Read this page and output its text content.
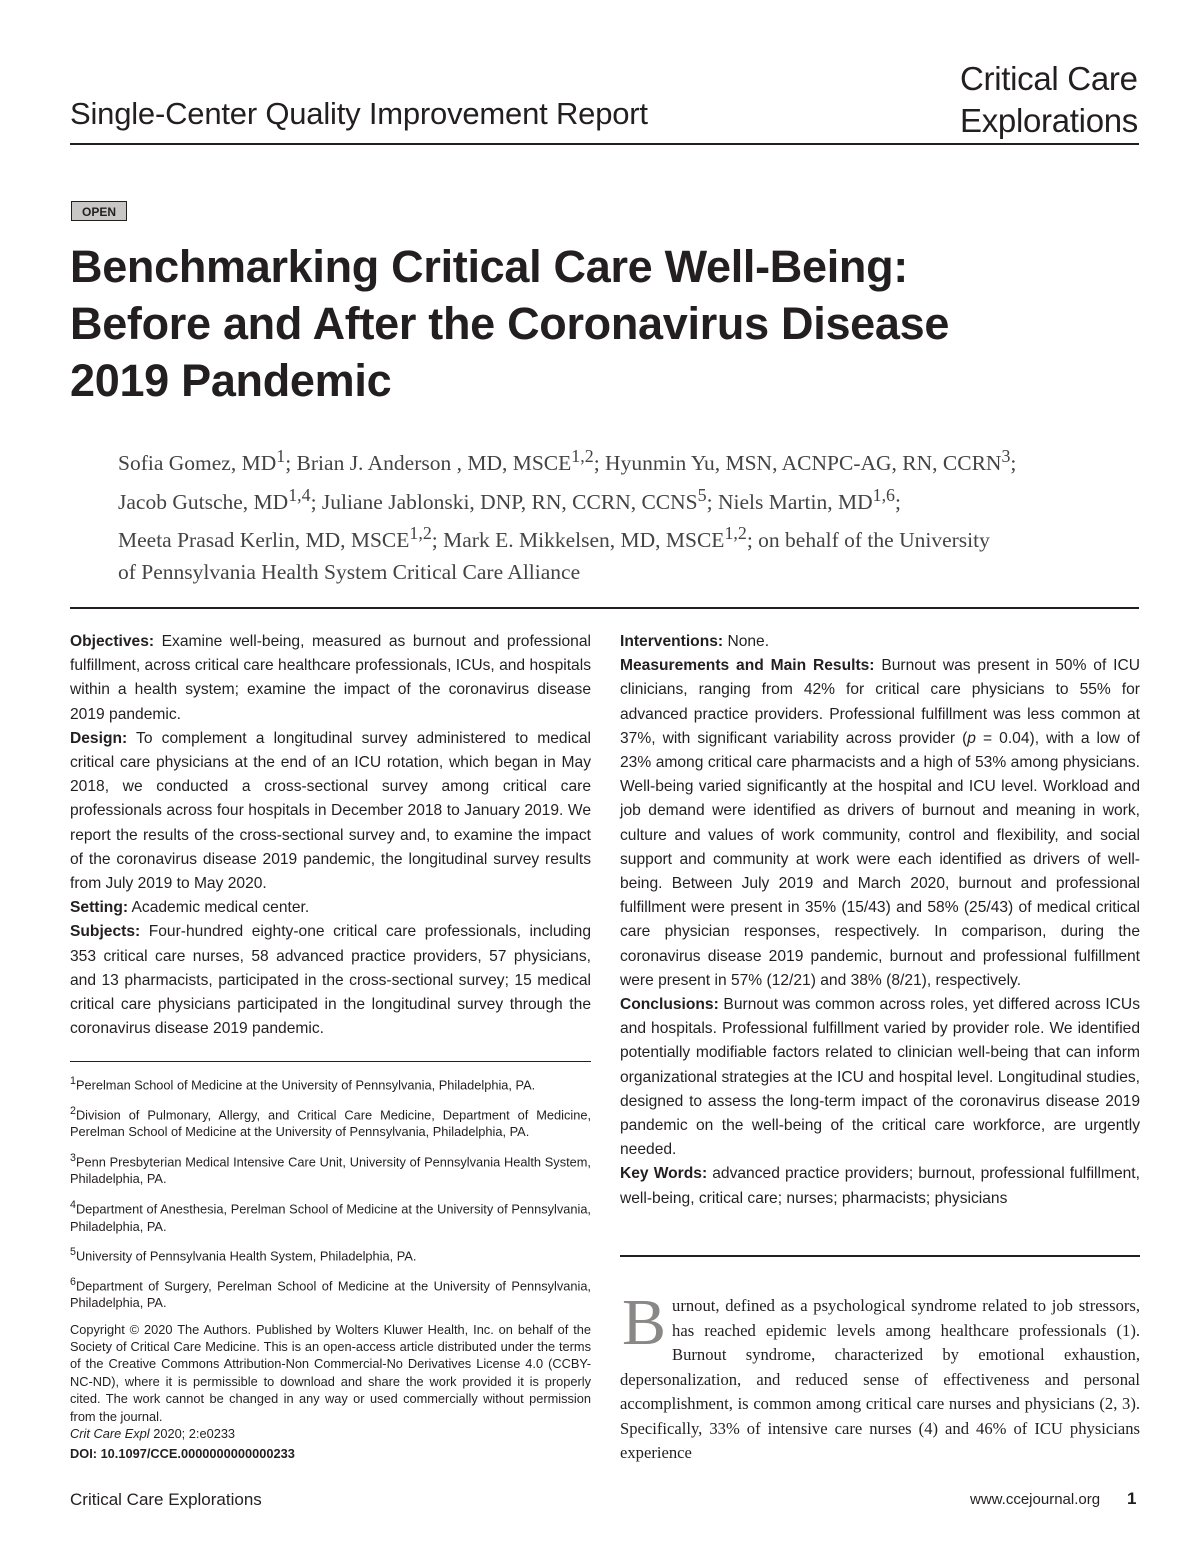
Single-Center Quality Improvement Report
Critical Care
Explorations
OPEN
Benchmarking Critical Care Well-Being:
Before and After the Coronavirus Disease
2019 Pandemic
Sofia Gomez, $MD^1$; Brian J. Anderson , MD, MSCE$^{1,2}$; Hyunmin Yu, MSN, ACNPC-AG, RN, CCRN$^3$;
Jacob Gutsche, MD$^{1,4}$; Juliane Jablonski, DNP, RN, CCRN, CCNS$^5$; Niels Martin, MD$^{1,6}$;
Meeta Prasad Kerlin, MD, MSCE$^{1,2}$; Mark E. Mikkelsen, MD, MSCE$^{1,2}$; on behalf of the University
of Pennsylvania Health System Critical Care Alliance

Objectives: Examine well-being, measured as burnout and professional fulfillment, across critical care healthcare professionals, ICUs, and hospitals within a health system; examine the impact of the coronavirus disease 2019 pandemic.

Design: To complement a longitudinal survey administered to medical critical care physicians at the end of an ICU rotation, which began in May 2018, we conducted a cross-sectional survey among critical care professionals across four hospitals in December 2018 to January 2019. We report the results of the cross-sectional survey and, to examine the impact of the coronavirus disease 2019 pandemic, the longitudinal survey results from July 2019 to May 2020.

Setting: Academic medical center.

Subjects: Four-hundred eighty-one critical care professionals, including 353 critical care nurses, 58 advanced practice providers, 57 physicians, and 13 pharmacists, participated in the cross-sectional survey; 15 medical critical care physicians participated in the longitudinal survey through the coronavirus disease 2019 pandemic.

Interventions: None.

Measurements and Main Results: Burnout was present in 50% of ICU clinicians, ranging from 42% for critical care physicians to 55% for advanced practice providers. Professional fulfillment was less common at 37%, with significant variability across provider (p = 0.04), with a low of 23% among critical care pharmacists and a high of 53% among physicians. Well-being varied significantly at the hospital and ICU level. Workload and job demand were identified as drivers of burnout and meaning in work, culture and values of work community, control and flexibility, and social support and community at work were each identified as drivers of well-being. Between July 2019 and March 2020, burnout and professional fulfillment were present in 35% (15/43) and 58% (25/43) of medical critical care physician responses, respectively. In comparison, during the coronavirus disease 2019 pandemic, burnout and professional fulfillment were present in 57% (12/21) and 38% (8/21), respectively.

Conclusions: Burnout was common across roles, yet differed across ICUs and hospitals. Professional fulfillment varied by provider role. We identified potentially modifiable factors related to clinician well-being that can inform organizational strategies at the ICU and hospital level. Longitudinal studies, designed to assess the long-term impact of the coronavirus disease 2019 pandemic on the well-being of the critical care workforce, are urgently needed.

Key Words: advanced practice providers; burnout, professional fulfillment, well-being, critical care; nurses; pharmacists; physicians

$^1$Perelman School of Medicine at the University of Pennsylvania, Philadelphia, PA.

$^2$Division of Pulmonary, Allergy, and Critical Care Medicine, Department of Medicine, Perelman School of Medicine at the University of Pennsylvania, Philadelphia, PA.

$^3$Penn Presbyterian Medical Intensive Care Unit, University of Pennsylvania Health System, Philadelphia, PA.

$^4$Department of Anesthesia, Perelman School of Medicine at the University of Pennsylvania, Philadelphia, PA.

$^5$University of Pennsylvania Health System, Philadelphia, PA.

$^6$Department of Surgery, Perelman School of Medicine at the University of Pennsylvania, Philadelphia, PA.

Copyright © 2020 The Authors. Published by Wolters Kluwer Health, Inc. on behalf of the Society of Critical Care Medicine. This is an open-access article distributed under the terms of the Creative Commons Attribution-Non Commercial-No Derivatives License 4.0 (CCBY-NC-ND), where it is permissible to download and share the work provided it is properly cited. The work cannot be changed in any way or used commercially without permission from the journal.

Crit Care Expl 2020; 2:e0233

DOI: 10.1097/CCE.0000000000000233

Burnout, defined as a psychological syndrome related to job stressors, has reached epidemic levels among healthcare professionals (1). Burnout syndrome, characterized by emotional exhaustion, depersonalization, and reduced sense of effectiveness and personal accomplishment, is common among critical care nurses and physicians (2, 3). Specifically, 33% of intensive care nurses (4) and 46% of ICU physicians experience
Critical Care Explorations	www.ccejournal.org 1
